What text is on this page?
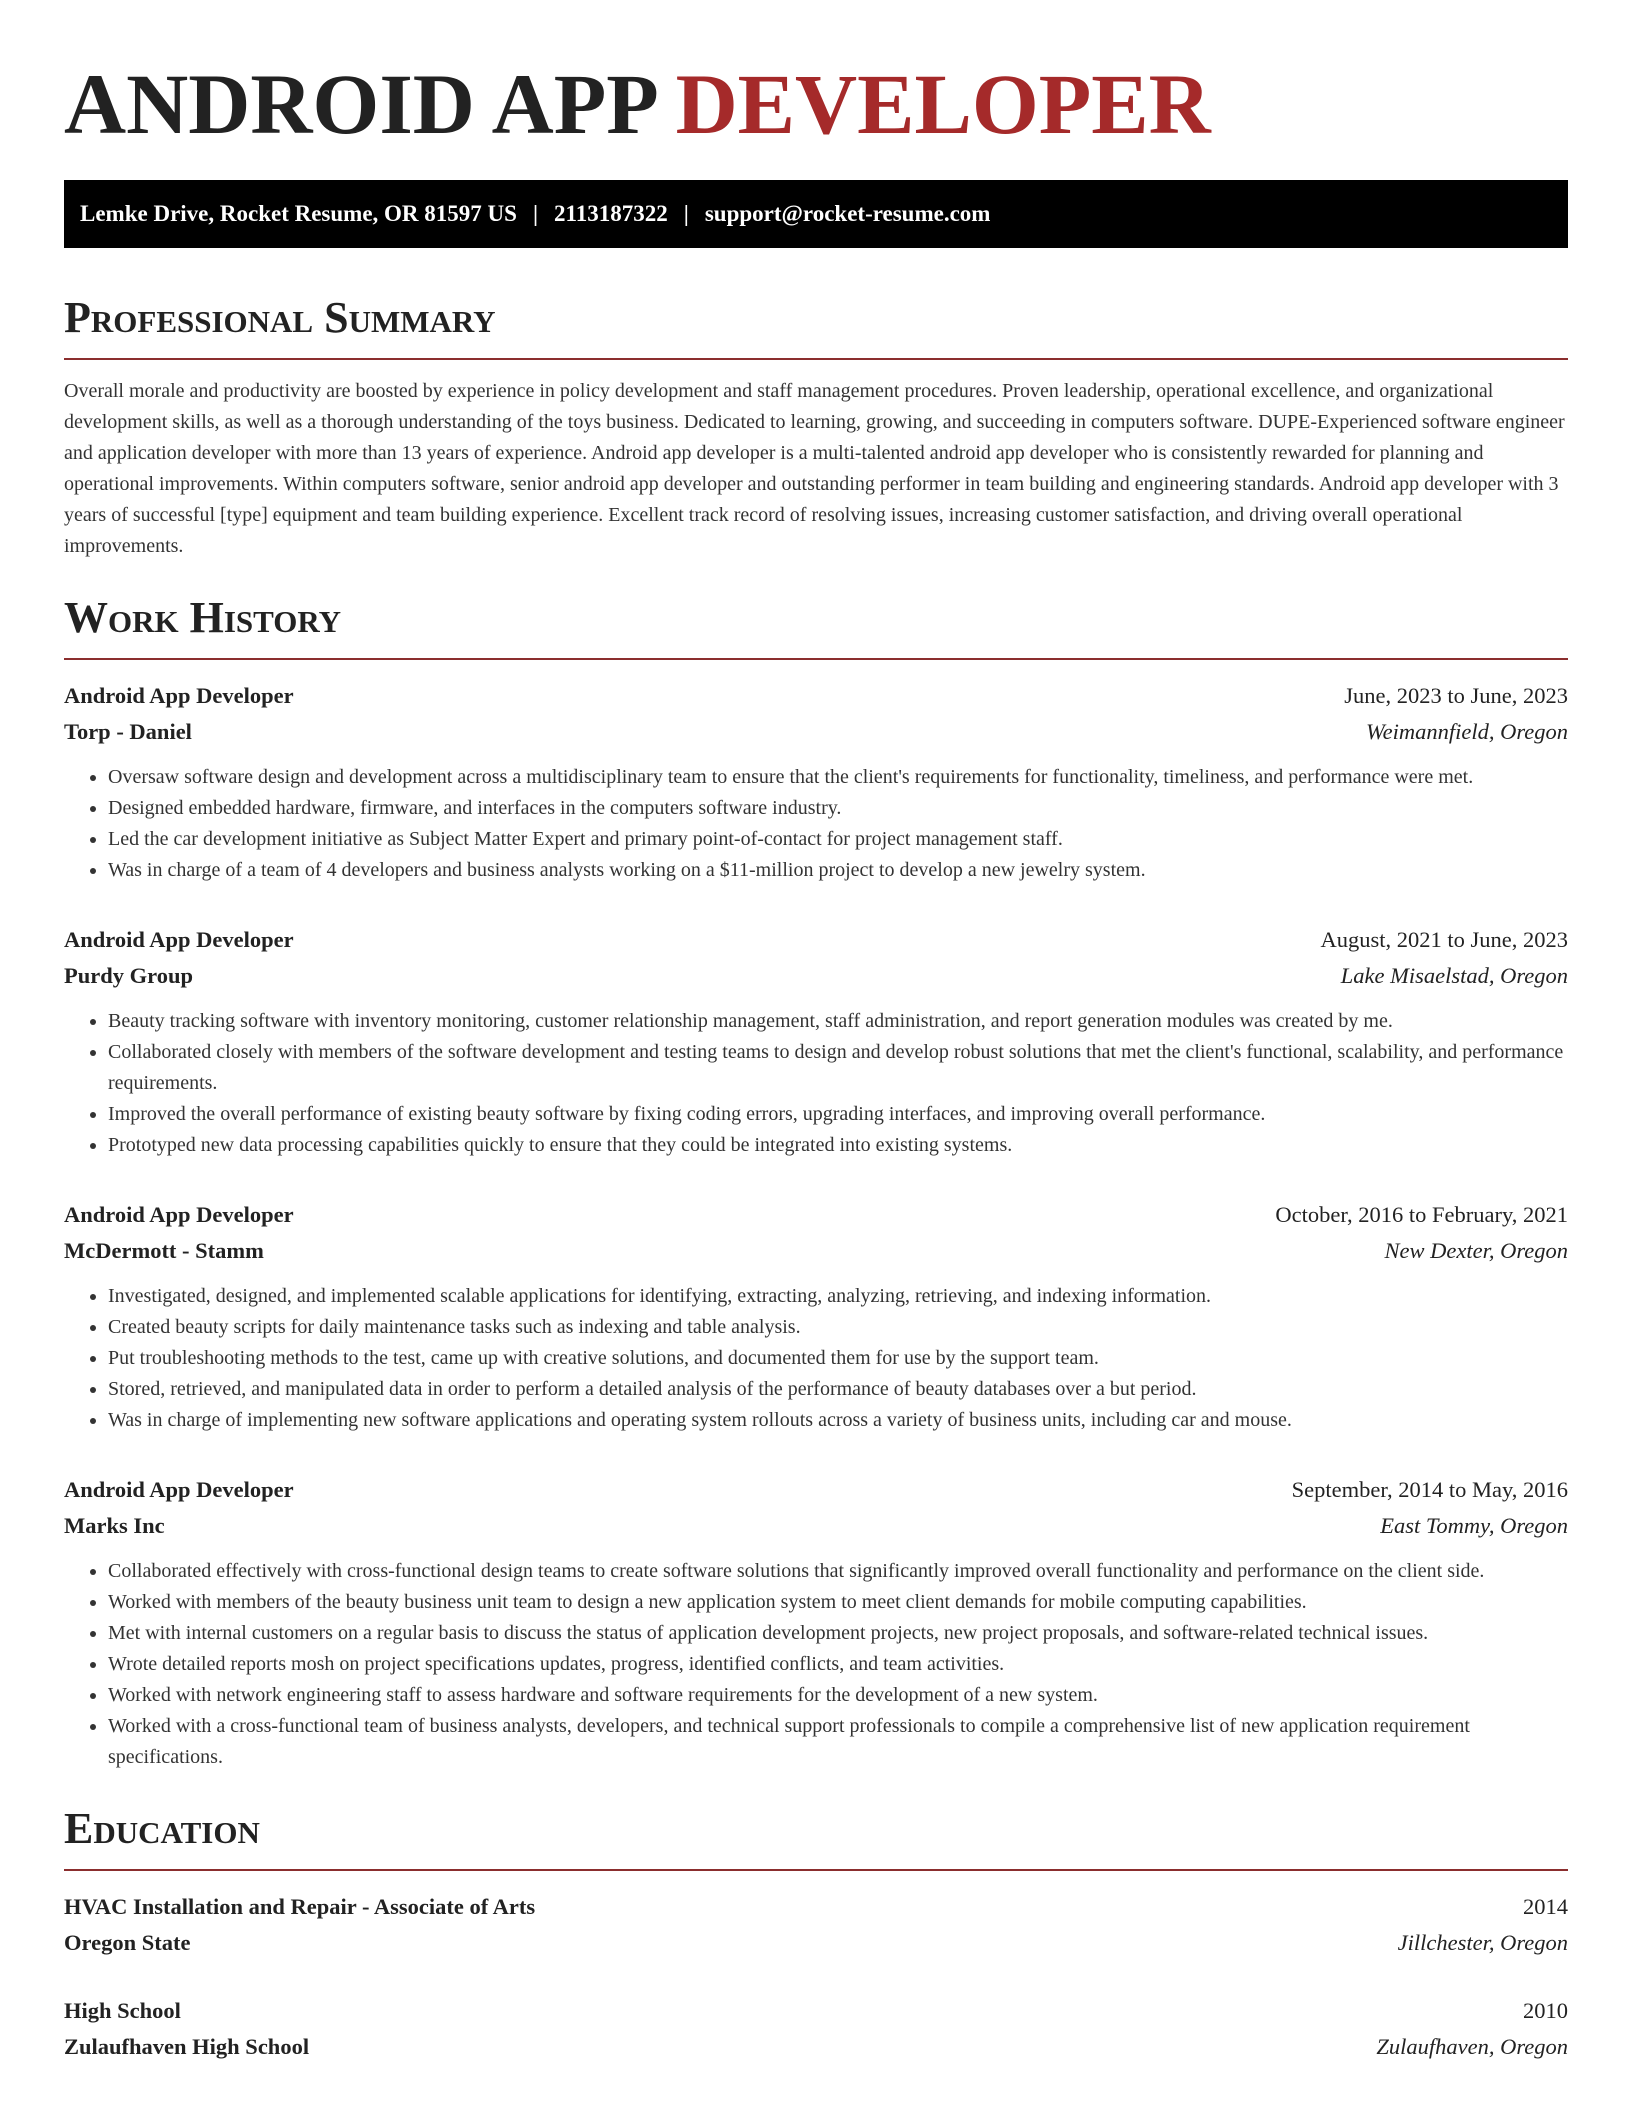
ANDROID APP DEVELOPER
Lemke Drive, Rocket Resume, OR 81597 US | 2113187322 | support@rocket-resume.com
Professional Summary

Overall morale and productivity are boosted by experience in policy development and staff management procedures. Proven leadership, operational excellence, and organizational development skills, as well as a thorough understanding of the toys business. Dedicated to learning, growing, and succeeding in computers software. DUPE-Experienced software engineer and application developer with more than 13 years of experience. Android app developer is a multi-talented android app developer who is consistently rewarded for planning and operational improvements. Within computers software, senior android app developer and outstanding performer in team building and engineering standards. Android app developer with 3 years of successful [type] equipment and team building experience. Excellent track record of resolving issues, increasing customer satisfaction, and driving overall operational improvements.

Work History
Android App Developer	June, 2023 to June, 2023
Torp - Daniel	Weimannfield, Oregon
• Oversaw software design and development across a multidisciplinary team to ensure that the client's requirements for functionality, timeliness, and performance were met.
• Designed embedded hardware, firmware, and interfaces in the computers software industry.
• Led the car development initiative as Subject Matter Expert and primary point-of-contact for project management staff.
• Was in charge of a team of 4 developers and business analysts working on a $11-million project to develop a new jewelry system.
Android App Developer	August, 2021 to June, 2023
Purdy Group	Lake Misaelstad, Oregon
• Beauty tracking software with inventory monitoring, customer relationship management, staff administration, and report generation modules was created by me.
• Collaborated closely with members of the software development and testing teams to design and develop robust solutions that met the client's functional, scalability, and performance requirements.
• Improved the overall performance of existing beauty software by fixing coding errors, upgrading interfaces, and improving overall performance.
• Prototyped new data processing capabilities quickly to ensure that they could be integrated into existing systems.
Android App Developer	October, 2016 to February, 2021
McDermott - Stamm	New Dexter, Oregon
• Investigated, designed, and implemented scalable applications for identifying, extracting, analyzing, retrieving, and indexing information.
• Created beauty scripts for daily maintenance tasks such as indexing and table analysis.
• Put troubleshooting methods to the test, came up with creative solutions, and documented them for use by the support team.
• Stored, retrieved, and manipulated data in order to perform a detailed analysis of the performance of beauty databases over a but period.
• Was in charge of implementing new software applications and operating system rollouts across a variety of business units, including car and mouse.
Android App Developer	September, 2014 to May, 2016
Marks Inc	East Tommy, Oregon
• Collaborated effectively with cross-functional design teams to create software solutions that significantly improved overall functionality and performance on the client side.
• Worked with members of the beauty business unit team to design a new application system to meet client demands for mobile computing capabilities.
• Met with internal customers on a regular basis to discuss the status of application development projects, new project proposals, and software-related technical issues.
• Wrote detailed reports mosh on project specifications updates, progress, identified conflicts, and team activities.
• Worked with network engineering staff to assess hardware and software requirements for the development of a new system.
• Worked with a cross-functional team of business analysts, developers, and technical support professionals to compile a comprehensive list of new application requirement specifications.
Education
HVAC Installation and Repair - Associate of Arts	2014
Oregon State	Jillchester, Oregon
High School	2010
Zulaufhaven High School	Zulaufhaven, Oregon
